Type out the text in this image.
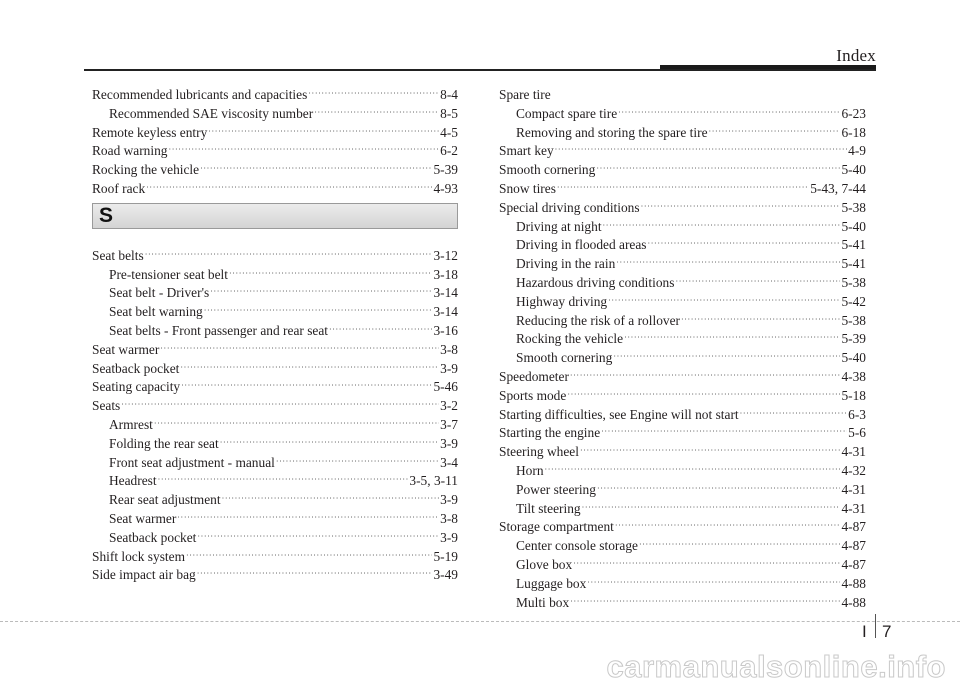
Index
Recommended lubricants and capacities ·····	8-4
Recommended SAE viscosity number ·····	8-5
Remote keyless entry ·····	4-5
Road warning ·····	6-2
Rocking the vehicle ·····	5-39
Roof rack ·····	4-93
S
Seat belts ·····	3-12
Pre-tensioner seat belt ·····	3-18
Seat belt - Driver's ·····	3-14
Seat belt warning ·····	3-14
Seat belts - Front passenger and rear seat ·····	3-16
Seat warmer ·····	3-8
Seatback pocket ·····	3-9
Seating capacity ·····	5-46
Seats ·····	3-2
Armrest ·····	3-7
Folding the rear seat ·····	3-9
Front seat adjustment - manual ·····	3-4
Headrest ·····	3-5, 3-11
Rear seat adjustment ·····	3-9
Seat warmer ·····	3-8
Seatback pocket ·····	3-9
Shift lock system ·····	5-19
Side impact air bag ·····	3-49
Spare tire
Compact spare tire ·····	6-23
Removing and storing the spare tire ·····	6-18
Smart key ·····	4-9
Smooth cornering ·····	5-40
Snow tires ·····	5-43, 7-44
Special driving conditions ·····	5-38
Driving at night ·····	5-40
Driving in flooded areas ·····	5-41
Driving in the rain ·····	5-41
Hazardous driving conditions ·····	5-38
Highway driving ·····	5-42
Reducing the risk of a rollover ·····	5-38
Rocking the vehicle ·····	5-39
Smooth cornering ·····	5-40
Speedometer ·····	4-38
Sports mode ·····	5-18
Starting difficulties, see Engine will not start ·····	6-3
Starting the engine ·····	5-6
Steering wheel ·····	4-31
Horn ·····	4-32
Power steering ·····	4-31
Tilt steering ·····	4-31
Storage compartment ·····	4-87
Center console storage ·····	4-87
Glove box ·····	4-87
Luggage box ·····	4-88
Multi box ·····	4-88
I 7
carmanualsonline.info
